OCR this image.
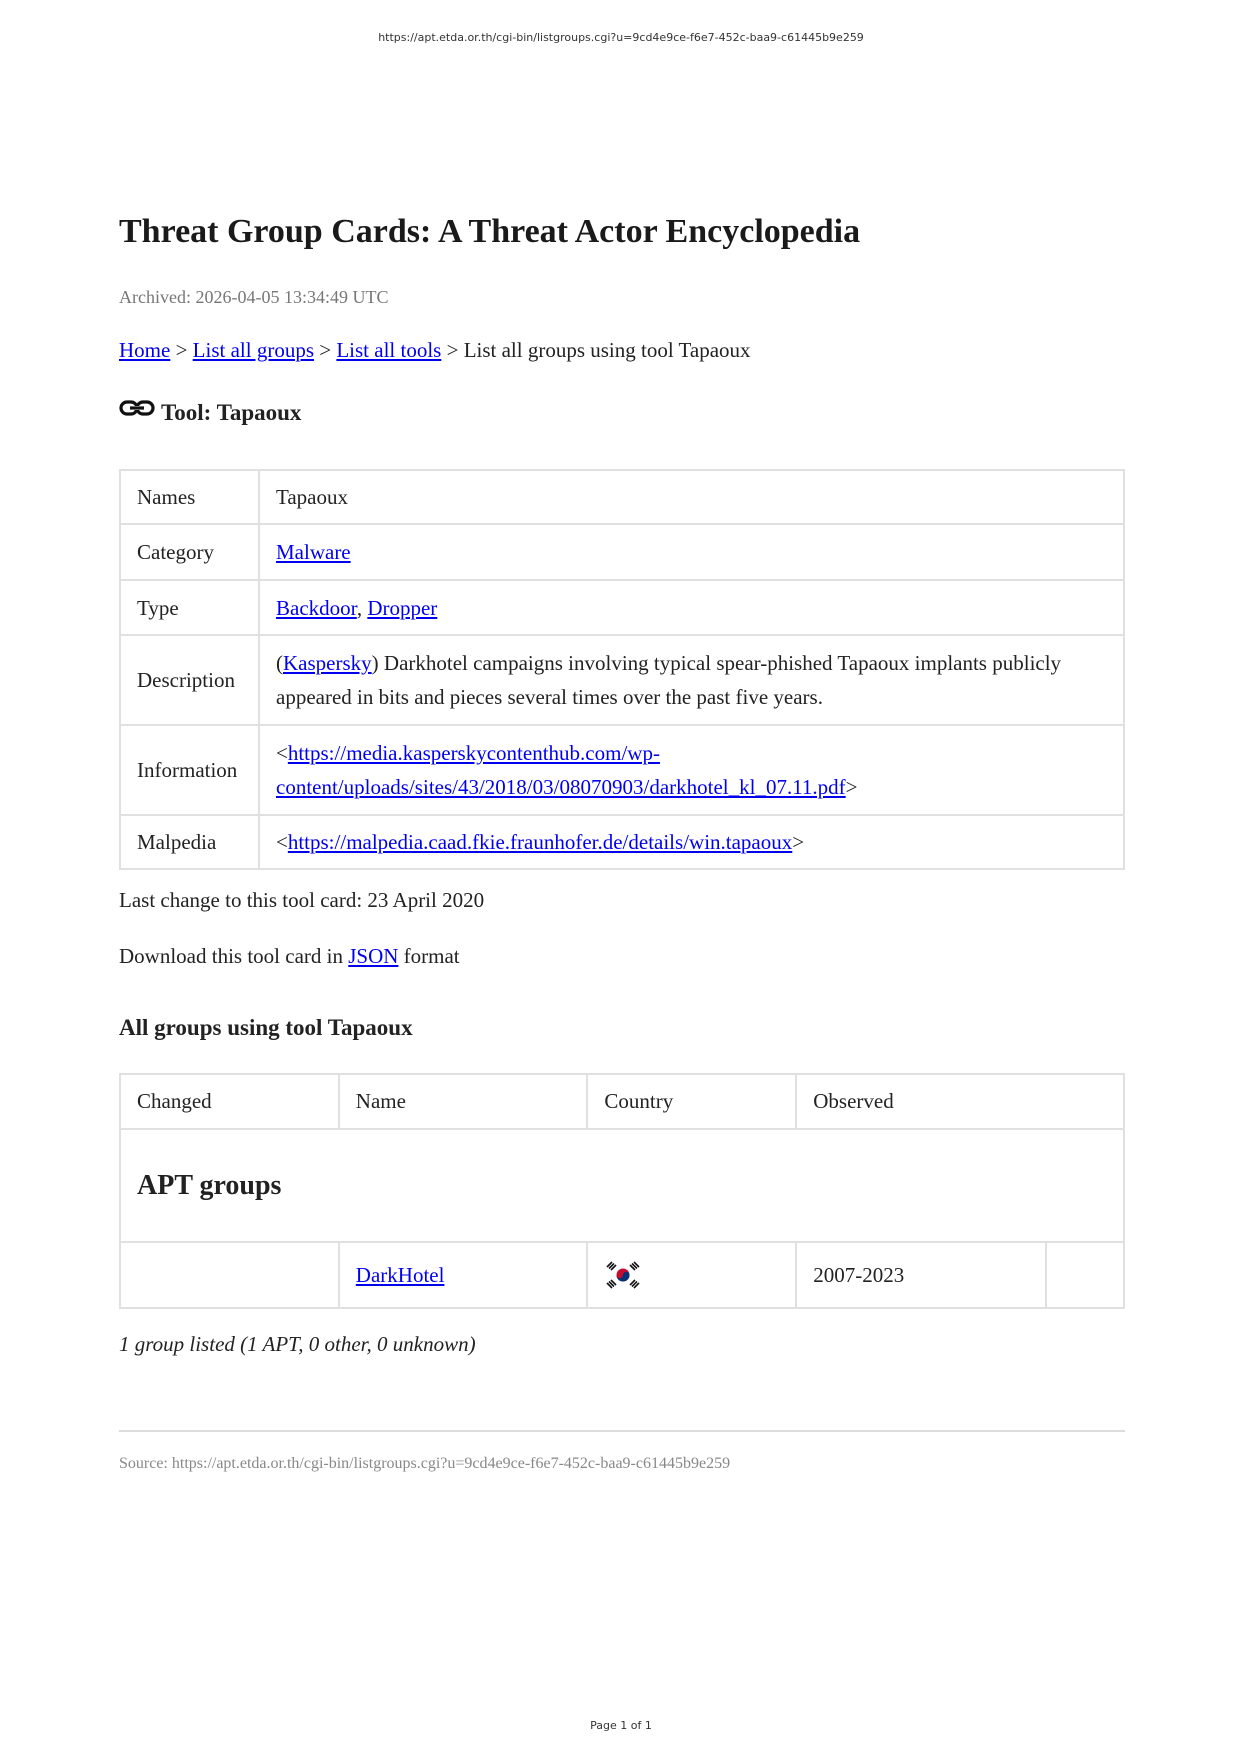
https://apt.etda.or.th/cgi-bin/listgroups.cgi?u=9cd4e9ce-f6e7-452c-baa9-c61445b9e259
Threat Group Cards: A Threat Actor Encyclopedia
Archived: 2026-04-05 13:34:49 UTC
Home > List all groups > List all tools > List all groups using tool Tapaoux
Tool: Tapaoux
Names	Tapaoux
Category	Malware
Type	Backdoor, Dropper
Description	(Kaspersky) Darkhotel campaigns involving typical spear-phished Tapaoux implants publicly appeared in bits and pieces several times over the past five years.
Information	<https://media.kasperskycontenthub.com/wp-
content/uploads/sites/43/2018/03/08070903/darkhotel_kl_07.11.pdf>
Malpedia	<https://malpedia.caad.fkie.fraunhofer.de/details/win.tapaoux>
Last change to this tool card: 23 April 2020
Download this tool card in JSON format
All groups using tool Tapaoux
Changed	Name	Country	Observed	
APT groups				
	DarkHotel		2007-2023	
1 group listed (1 APT, 0 other, 0 unknown)
Source: https://apt.etda.or.th/cgi-bin/listgroups.cgi?u=9cd4e9ce-f6e7-452c-baa9-c61445b9e259
Page 1 of 1
